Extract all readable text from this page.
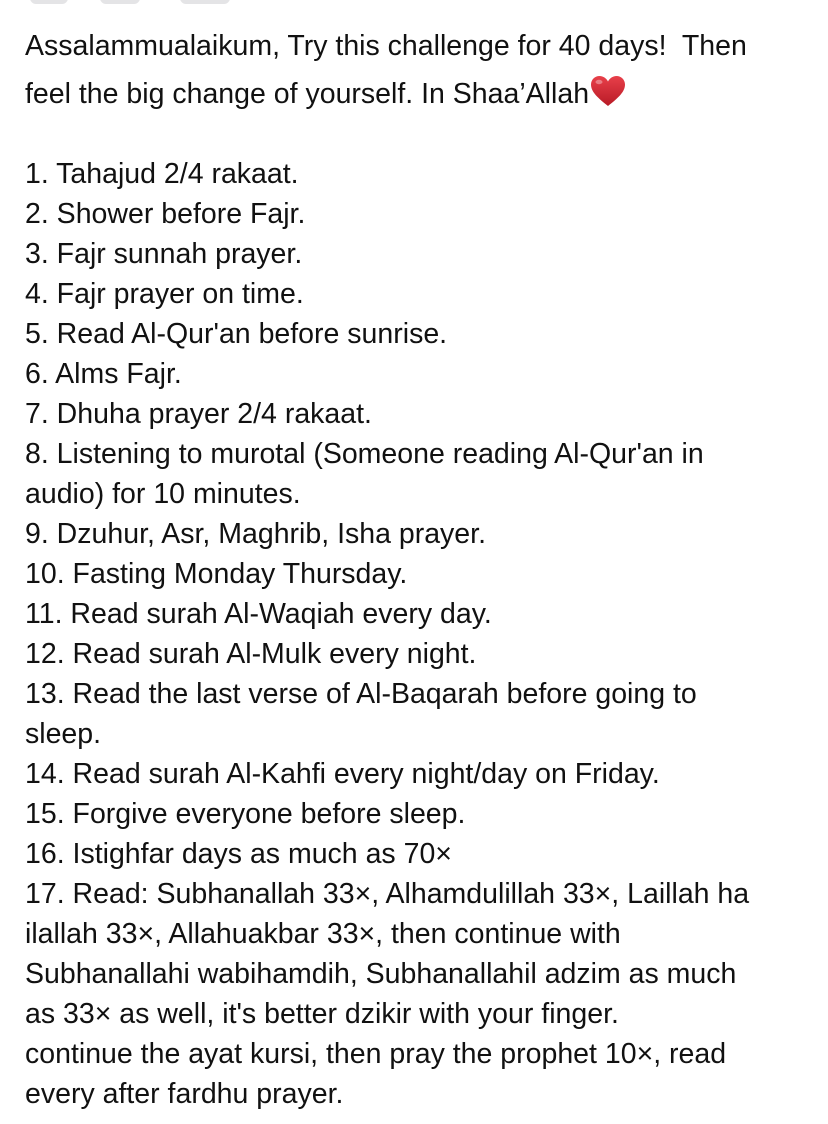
Assalammualaikum, Try this challenge for 40 days!  Then
feel the big change of yourself. In Shaa’Allah

1. Tahajud 2/4 rakaat.
2. Shower before Fajr.
3. Fajr sunnah prayer.
4. Fajr prayer on time.
5. Read Al-Qur'an before sunrise.
6. Alms Fajr.
7. Dhuha prayer 2/4 rakaat.
8. Listening to murotal (Someone reading Al-Qur'an in
audio) for 10 minutes.
9. Dzuhur, Asr, Maghrib, Isha prayer.
10. Fasting Monday Thursday.
11. Read surah Al-Waqiah every day.
12. Read surah Al-Mulk every night.
13. Read the last verse of Al-Baqarah before going to
sleep.
14. Read surah Al-Kahfi every night/day on Friday.
15. Forgive everyone before sleep.
16. Istighfar days as much as 70×
17. Read: Subhanallah 33×, Alhamdulillah 33×, Laillah ha
ilallah 33×, Allahuakbar 33×, then continue with
Subhanallahi wabihamdih, Subhanallahil adzim as much
as 33× as well, it's better dzikir with your finger.
continue the ayat kursi, then pray the prophet 10×, read
every after fardhu prayer.
